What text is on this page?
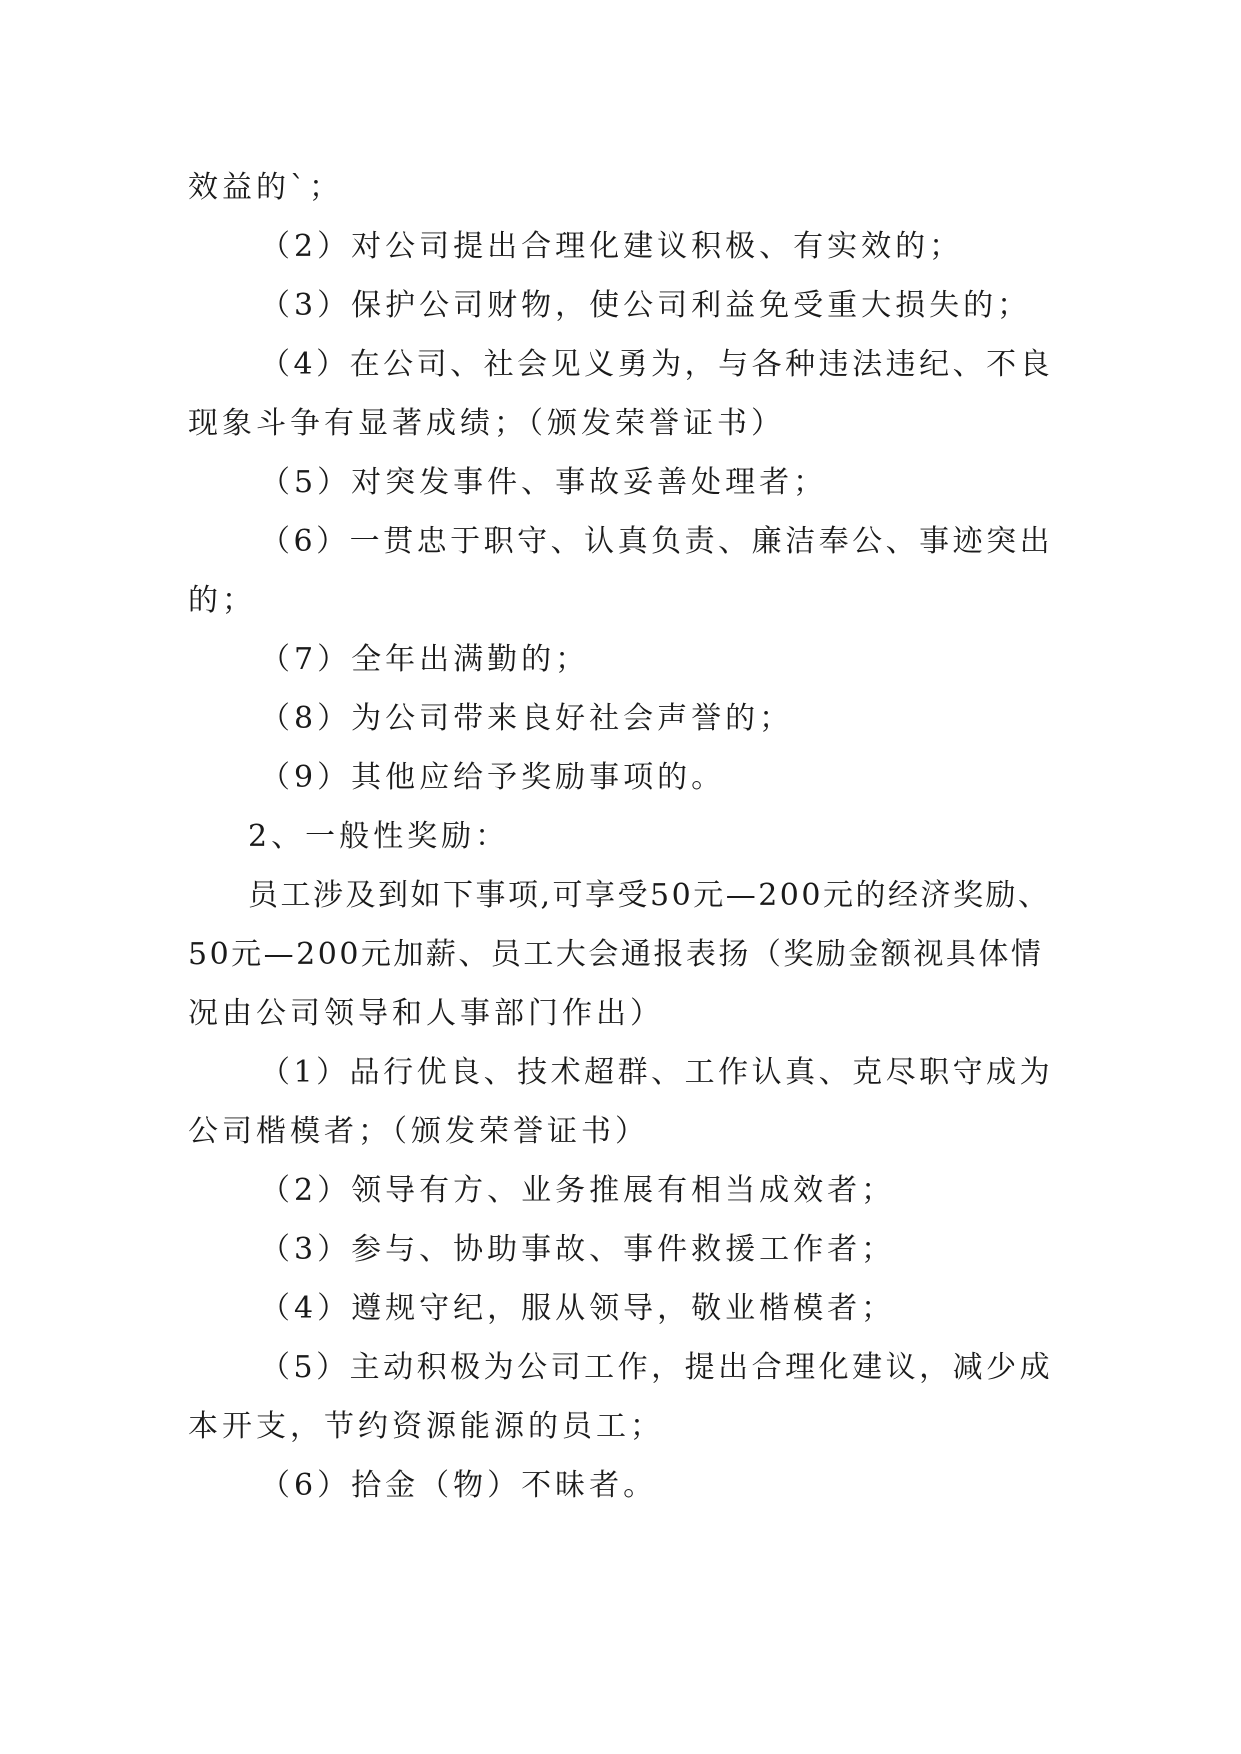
效益的`；
（2）对公司提出合理化建议积极、有实效的；
（3）保护公司财物，使公司利益免受重大损失的；
（4）在公司、社会见义勇为，与各种违法违纪、不良
现象斗争有显著成绩；（颁发荣誉证书）
（5）对突发事件、事故妥善处理者；
（6）一贯忠于职守、认真负责、廉洁奉公、事迹突出
的；
（7）全年出满勤的；
（8）为公司带来良好社会声誉的；
（9）其他应给予奖励事项的。
2、一般性奖励：
员工涉及到如下事项,可享受50元—200元的经济奖励、
50元—200元加薪、员工大会通报表扬（奖励金额视具体情
况由公司领导和人事部门作出）
（1）品行优良、技术超群、工作认真、克尽职守成为
公司楷模者；（颁发荣誉证书）
（2）领导有方、业务推展有相当成效者；
（3）参与、协助事故、事件救援工作者；
（4）遵规守纪，服从领导，敬业楷模者；
（5）主动积极为公司工作，提出合理化建议，减少成
本开支，节约资源能源的员工；
（6）拾金（物）不昧者。
